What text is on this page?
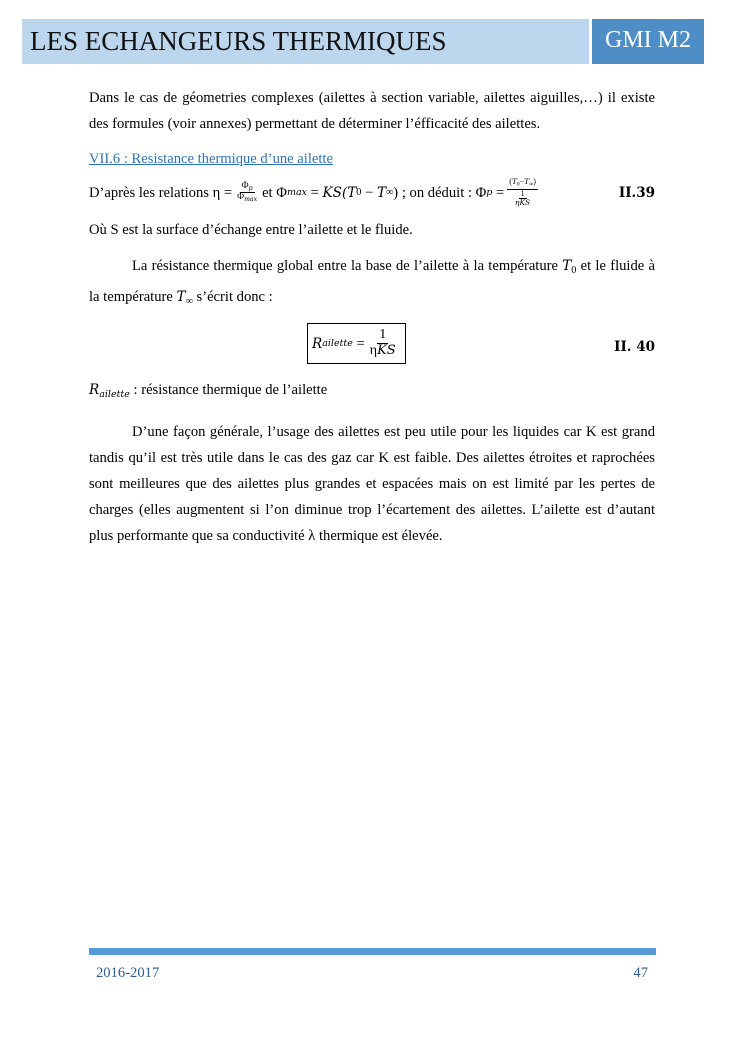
LES ECHANGEURS THERMIQUES	GMI M2

Dans le cas de géometries complexes (ailettes à section variable, ailettes aiguilles,…) il existe des formules (voir annexes) permettant de déterminer l’éfficacité des ailettes.

VII.6 : Resistance thermique d’une ailette

D’après les relations $\eta = \frac{\Phi_p}{\Phi_{max}}$ et
Φ max
=
KS( T 0
−
T ∞ )
; on déduit :
Φ p
= $\frac{(T_0-T_\infty)}{\frac{1}{\text{ηKS}}}$	II.39

Où S est la surface d’échange entre l’ailette et le fluide.

La résistance thermique global entre la base de l’ailette à la température $T_0$ et le fluide à la température $T_\infty$ s’écrit donc :

R ailette
= $\frac{1}{\text{ηKS}}$	II. 40

$R_{ailette}$ : résistance thermique de l’ailette

D’une façon générale, l’usage des ailettes est peu utile pour les liquides car K est grand tandis qu’il est très utile dans le cas des gaz car K est faible. Des ailettes étroites et raprochées sont meilleures que des ailettes plus grandes et espacées mais on est limité par les pertes de charges (elles augmentent si l’on diminue trop l’écartement des ailettes. L’ailette est d’autant plus performante que sa conductivité λ thermique est élevée.

2016-2017	47
